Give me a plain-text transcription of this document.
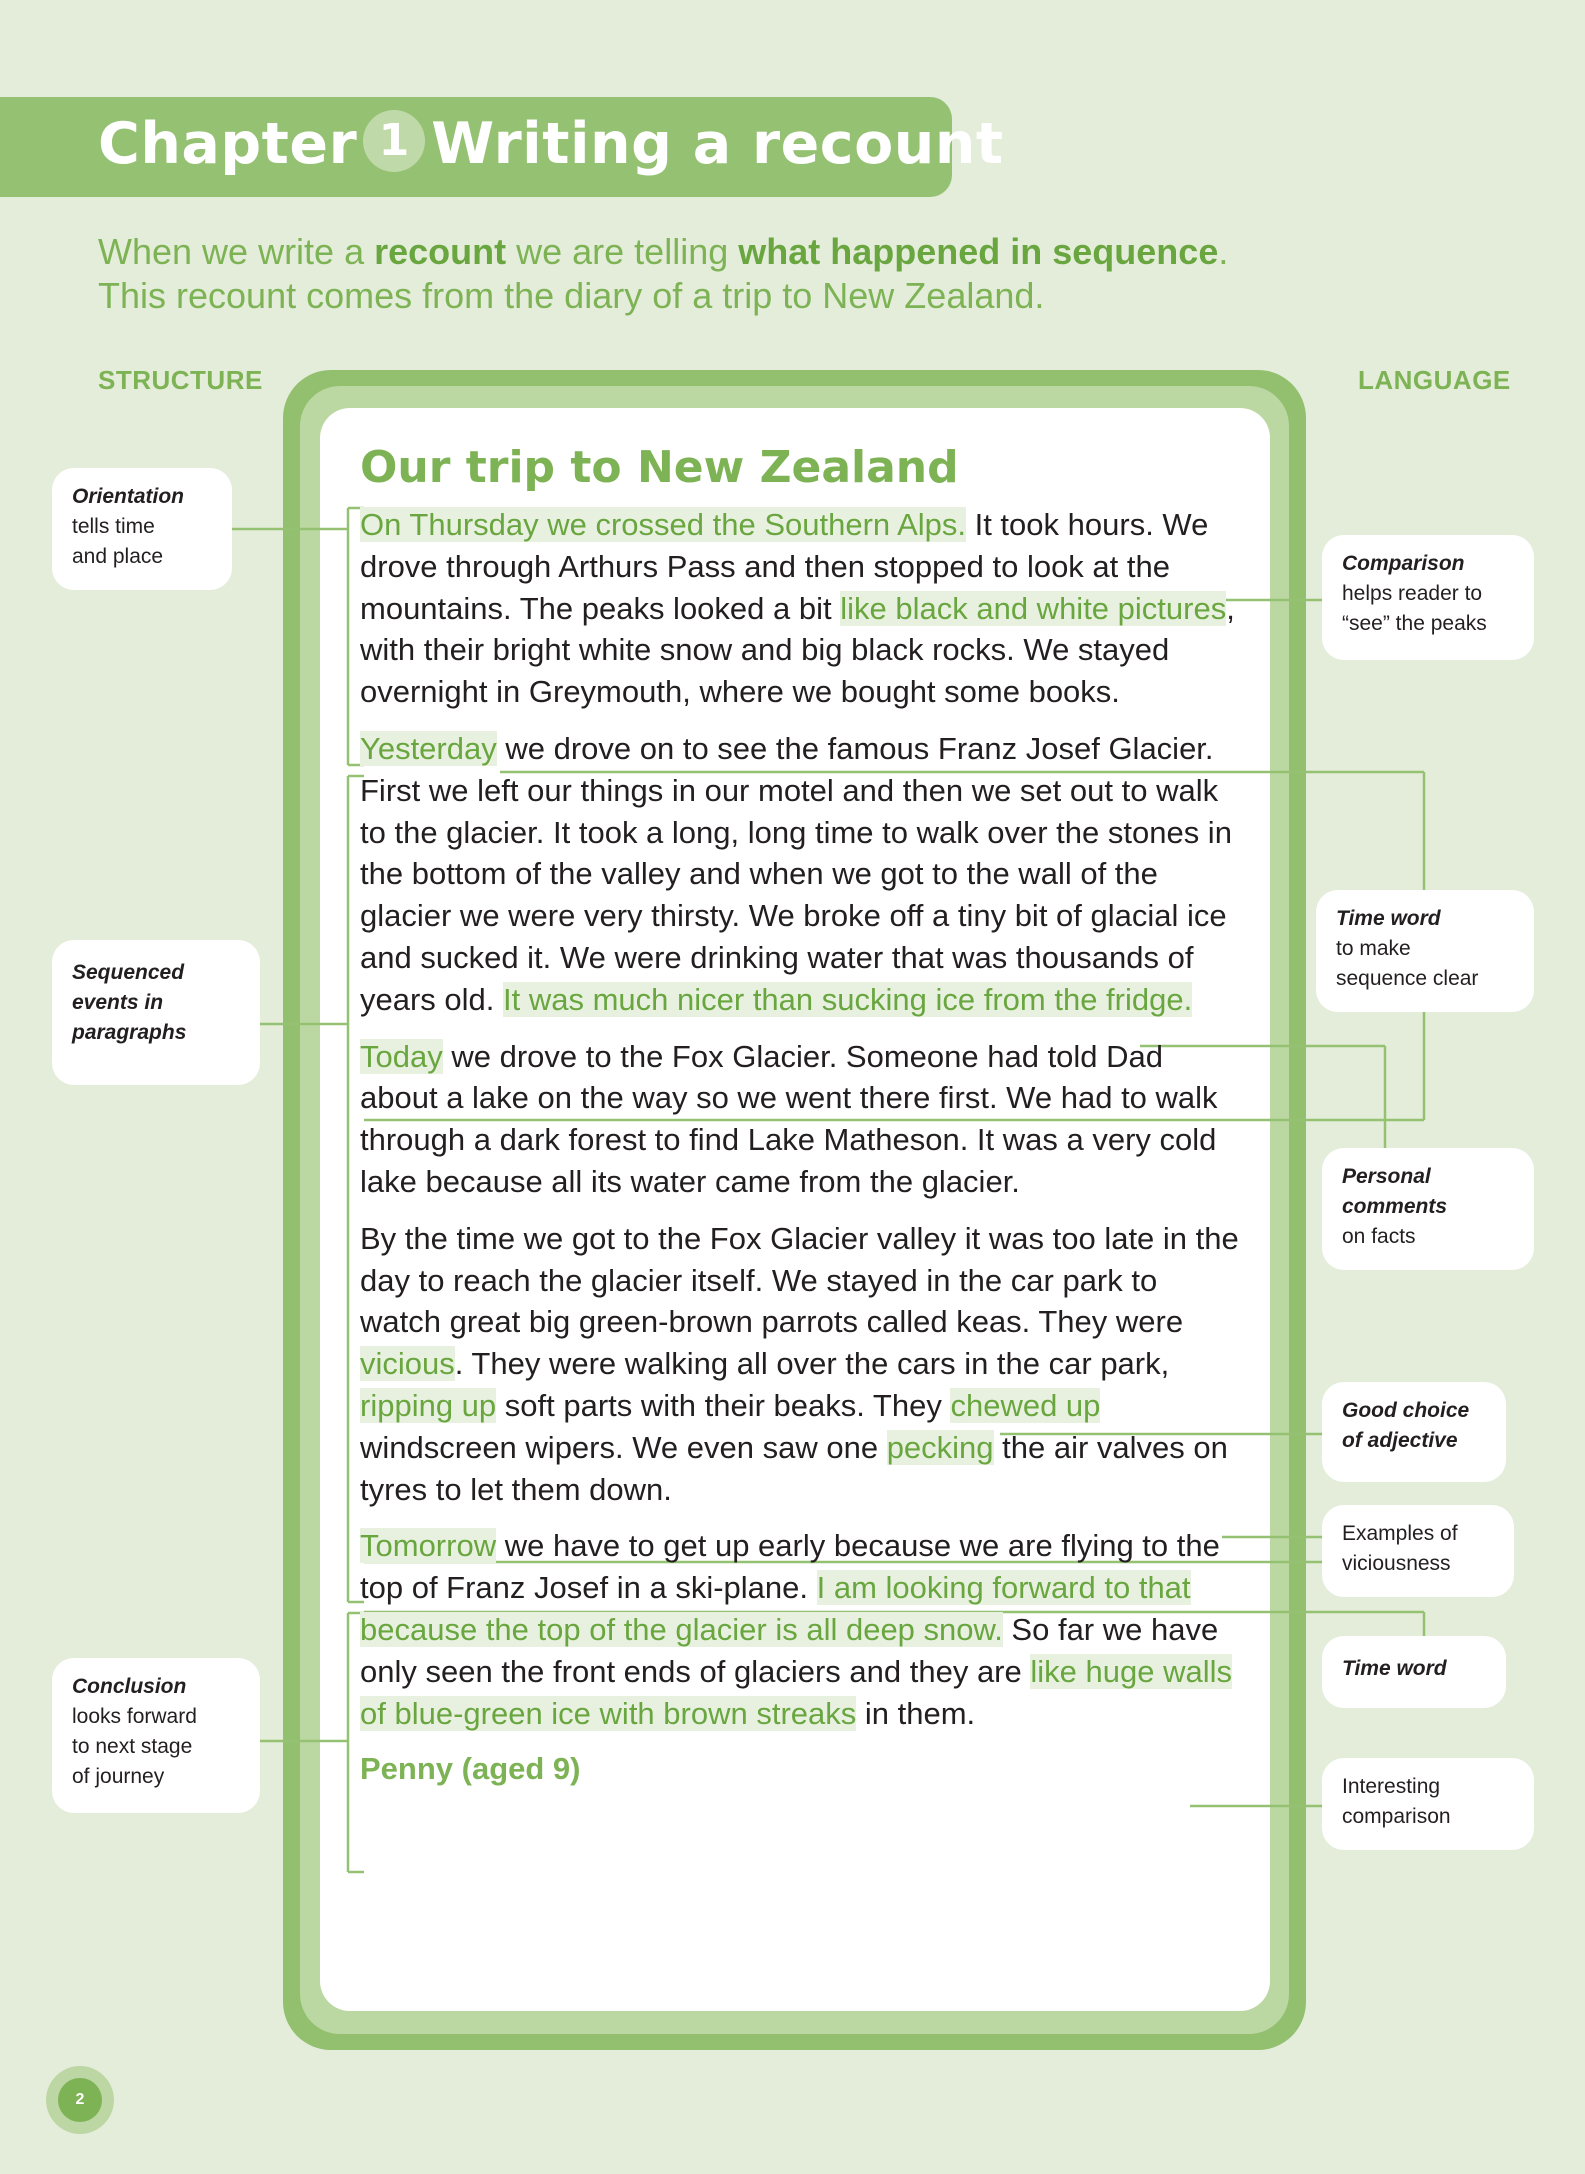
Chapter 1 Writing a recount
When we write a recount we are telling what happened in sequence.
This recount comes from the diary of a trip to New Zealand.
STRUCTURE	LANGUAGE
Our trip to New Zealand

On Thursday we crossed the Southern Alps. It took hours. We drove through Arthurs Pass and then stopped to look at the mountains. The peaks looked a bit like black and white pictures, with their bright white snow and big black rocks. We stayed overnight in Greymouth, where we bought some books.

Yesterday we drove on to see the famous Franz Josef Glacier. First we left our things in our motel and then we set out to walk to the glacier. It took a long, long time to walk over the stones in the bottom of the valley and when we got to the wall of the glacier we were very thirsty. We broke off a tiny bit of glacial ice and sucked it. We were drinking water that was thousands of years old. It was much nicer than sucking ice from the fridge.

Today we drove to the Fox Glacier. Someone had told Dad about a lake on the way so we went there first. We had to walk through a dark forest to find Lake Matheson. It was a very cold lake because all its water came from the glacier.

By the time we got to the Fox Glacier valley it was too late in the day to reach the glacier itself. We stayed in the car park to watch great big green-brown parrots called keas. They were vicious. They were walking all over the cars in the car park, ripping up soft parts with their beaks. They chewed up windscreen wipers. We even saw one pecking the air valves on tyres to let them down.

Tomorrow we have to get up early because we are flying to the top of Franz Josef in a ski-plane. I am looking forward to that because the top of the glacier is all deep snow. So far we have only seen the front ends of glaciers and they are like huge walls of blue-green ice with brown streaks in them.

Penny (aged 9)
Orientation
tells time
and place
Sequenced
events in
paragraphs
Conclusion
looks forward
to next stage
of journey
Comparison
helps reader to
“see” the peaks
Time word
to make
sequence clear
Personal
comments
on facts
Good choice
of adjective
Examples of
viciousness
Time word
Interesting
comparison
2
